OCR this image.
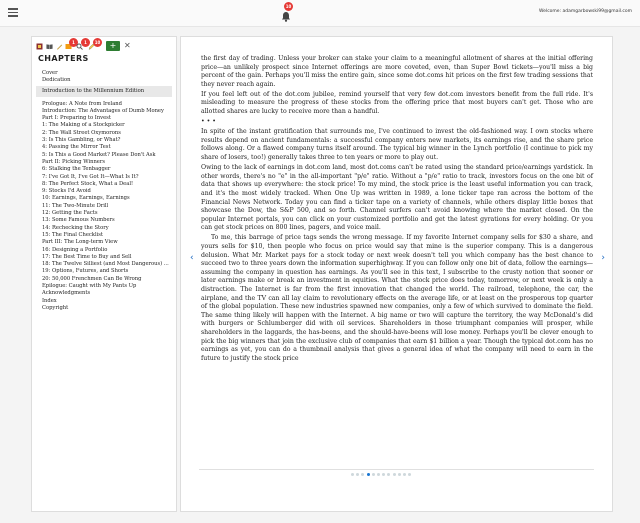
10
Welcome: adamgarbowski99@gmail.com
1	1	10	+ ✕
CHAPTERS
Cover
Dedication
Introduction to the Millennium Edition
Prologue: A Note from Ireland
Introduction: The Advantages of Dumb Money
Part I: Preparing to Invest
1: The Making of a Stockpicker
2: The Wall Street Oxymorons
3: Is This Gambling, or What?
4: Passing the Mirror Test
5: Is This a Good Market? Please Don't Ask
Part II: Picking Winners
6: Stalking the Tenbagger
7: I've Got It, I've Got It—What Is It?
8: The Perfect Stock, What a Deal!
9: Stocks I'd Avoid
10: Earnings, Earnings, Earnings
11: The Two-Minute Drill
12: Getting the Facts
13: Some Famous Numbers
14: Rechecking the Story
15: The Final Checklist
Part III: The Long-term View
16: Designing a Portfolio
17: The Best Time to Buy and Sell
18: The Twelve Silliest (and Most Dangerous) ...
19: Options, Futures, and Shorts
20: 50,000 Frenchmen Can Be Wrong
Epilogue: Caught with My Pants Up
Acknowledgments
Index
Copyright
‹	›

the first day of trading. Unless your broker can stake your claim to a meaningful allotment of shares at the initial offering price—an unlikely prospect since Internet offerings are more coveted, even, than Super Bowl tickets—you'll miss a big percent of the gain. Perhaps you'll miss the entire gain, since some dot.coms hit prices on the first few trading sessions that they never reach again.

If you feel left out of the dot.com jubilee, remind yourself that very few dot.com investors benefit from the full ride. It's misleading to measure the progress of these stocks from the offering price that most buyers can't get. Those who are allotted shares are lucky to receive more than a handful.

• • •

In spite of the instant gratification that surrounds me, I've continued to invest the old-fashioned way. I own stocks where results depend on ancient fundamentals: a successful company enters new markets, its earnings rise, and the share price follows along. Or a flawed company turns itself around. The typical big winner in the Lynch portfolio (I continue to pick my share of losers, too!) generally takes three to ten years or more to play out.

Owing to the lack of earnings in dot.com land, most dot.coms can't be rated using the standard price/earnings yardstick. In other words, there's no "e" in the all-important "p/e" ratio. Without a "p/e" ratio to track, investors focus on the one bit of data that shows up everywhere: the stock price! To my mind, the stock price is the least useful information you can track, and it's the most widely tracked. When One Up was written in 1989, a lone ticker tape ran across the bottom of the Financial News Network. Today you can find a ticker tape on a variety of channels, while others display little boxes that showcase the Dow, the S&P 500, and so forth. Channel surfers can't avoid knowing where the market closed. On the popular Internet portals, you can click on your customized portfolio and get the latest gyrations for every holding. Or you can get stock prices on 800 lines, pagers, and voice mail.

To me, this barrage of price tags sends the wrong message. If my favorite Internet company sells for $30 a share, and yours sells for $10, then people who focus on price would say that mine is the superior company. This is a dangerous delusion. What Mr. Market pays for a stock today or next week doesn't tell you which company has the best chance to succeed two to three years down the information superhighway. If you can follow only one bit of data, follow the earnings—assuming the company in question has earnings. As you'll see in this text, I subscribe to the crusty notion that sooner or later earnings make or break an investment in equities. What the stock price does today, tomorrow, or next week is only a distraction. The Internet is far from the first innovation that changed the world. The railroad, telephone, the car, the airplane, and the TV can all lay claim to revolutionary effects on the average life, or at least on the prosperous top quarter of the global population. These new industries spawned new companies, only a few of which survived to dominate the field. The same thing likely will happen with the Internet. A big name or two will capture the territory, the way McDonald's did with burgers or Schlumberger did with oil services. Shareholders in those triumphant companies will prosper, while shareholders in the laggards, the has-beens, and the should-have-beens will lose money. Perhaps you'll be clever enough to pick the big winners that join the exclusive club of companies that earn $1 billion a year. Though the typical dot.com has no earnings as yet, you can do a thumbnail analysis that gives a general idea of what the company will need to earn in the future to justify the stock price
